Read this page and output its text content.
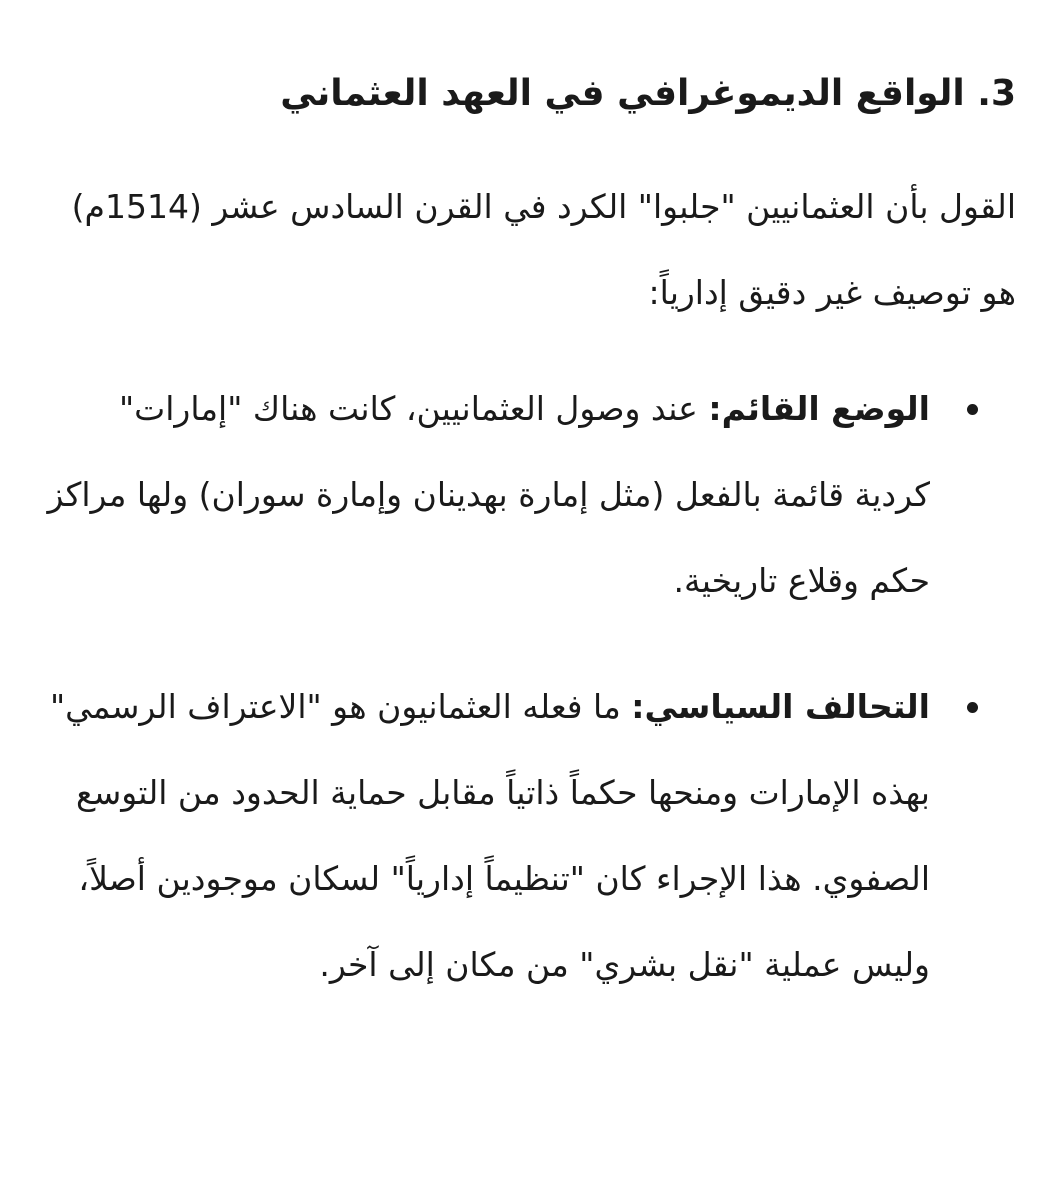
3. الواقع الديموغرافي في العهد العثماني

القول بأن العثمانيين "جلبوا" الكرد في القرن السادس عشر (1514م) هو توصيف غير دقيق إدارياً:

الوضع القائم: عند وصول العثمانيين، كانت هناك "إمارات" كردية قائمة بالفعل (مثل إمارة بهدينان وإمارة سوران) ولها مراكز حكم وقلاع تاريخية.
التحالف السياسي: ما فعله العثمانيون هو "الاعتراف الرسمي" بهذه الإمارات ومنحها حكماً ذاتياً مقابل حماية الحدود من التوسع الصفوي. هذا الإجراء كان "تنظيماً إدارياً" لسكان موجودين أصلاً، وليس عملية "نقل بشري" من مكان إلى آخر.
